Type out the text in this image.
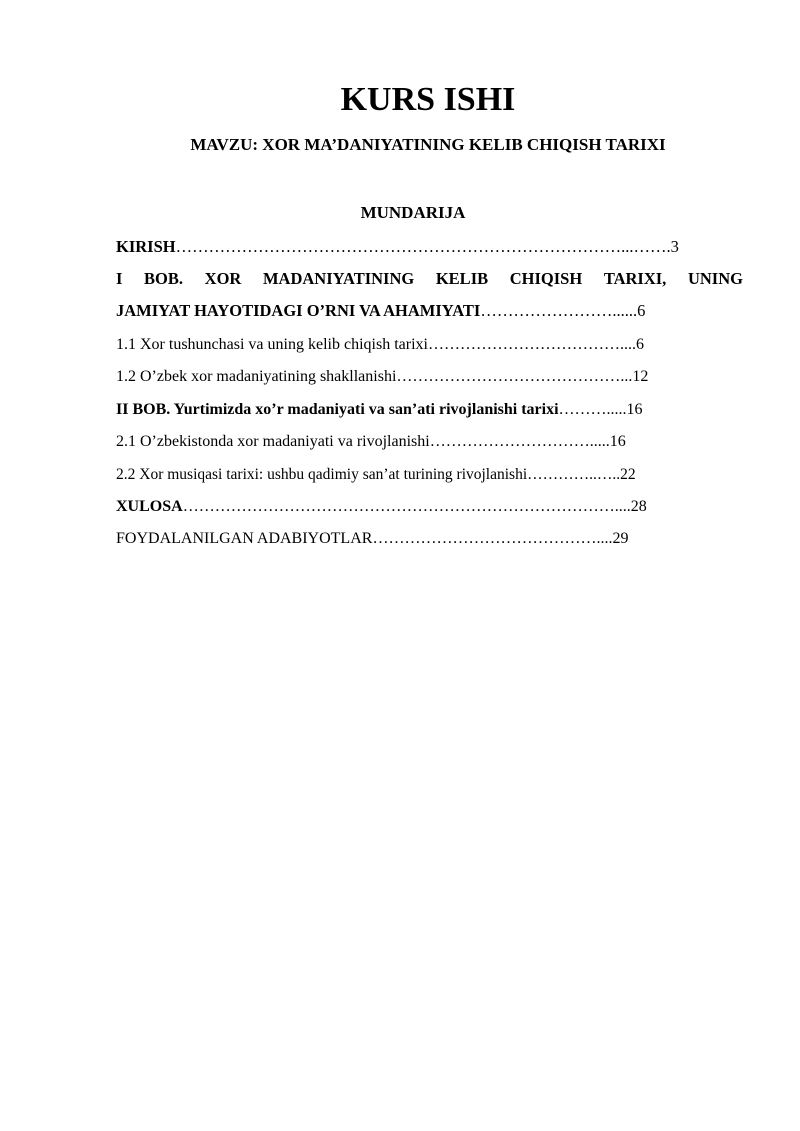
KURS ISHI
MAVZU: XOR MA’DANIYATINING KELIB CHIQISH TARIXI
MUNDARIJA
KIRISH………………………………………………………………………...…….3
I BOB. XOR MADANIYATINING KELIB CHIQISH TARIXI, UNING
JAMIYAT HAYOTIDAGI O’RNI VA AHAMIYATI……………………......6
1.1 Xor tushunchasi va uning kelib chiqish tarixi………………………………....6
1.2 O’zbek xor madaniyatining shakllanishi……………………………………...12
II BOB. Yurtimizda xo’r madaniyati va san’ati rivojlanishi tarixi……….....16
2.1 O’zbekistonda xor madaniyati va rivojlanishi………………………….....16
2.2 Xor musiqasi tarixi: ushbu qadimiy san’at turining rivojlanishi…………..…..22
XULOSA………………………………………………………………………....28
FOYDALANILGAN ADABIYOTLAR……………………………………....29
